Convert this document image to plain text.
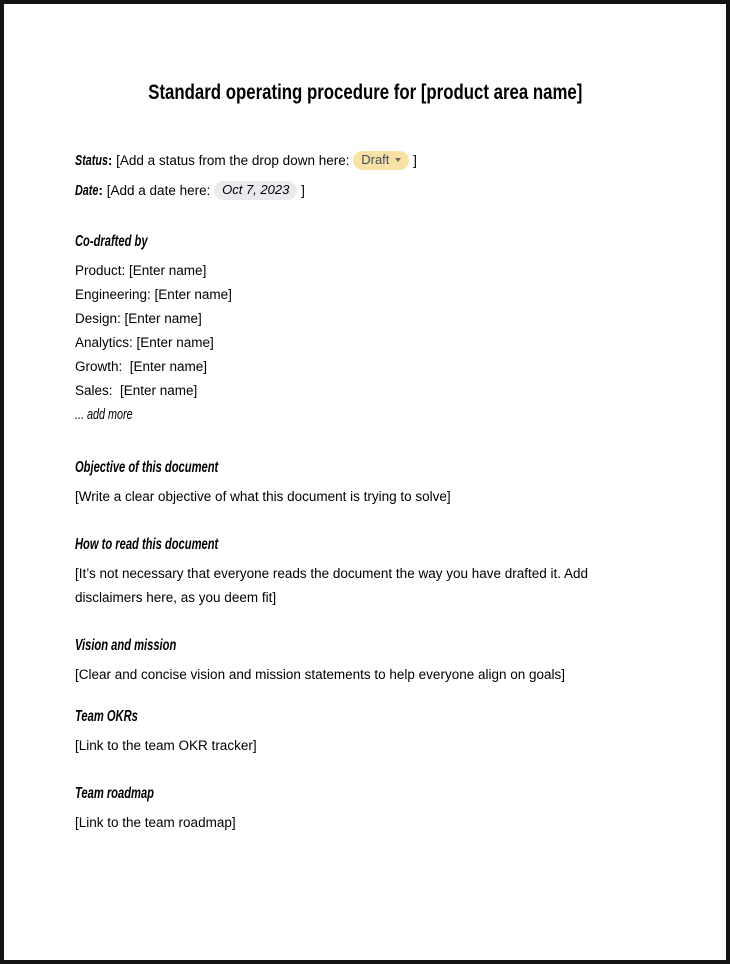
Standard operating procedure for [product area name]
Status: [Add a status from the drop down here: Draft ]
Date: [Add a date here: Oct 7, 2023 ]
Co-drafted by
Product: [Enter name]
Engineering: [Enter name]
Design: [Enter name]
Analytics: [Enter name]
Growth:  [Enter name]
Sales:  [Enter name]
... add more
Objective of this document

[Write a clear objective of what this document is trying to solve]

How to read this document

[It’s not necessary that everyone reads the document the way you have drafted it. Add disclaimers here, as you deem fit]

Vision and mission

[Clear and concise vision and mission statements to help everyone align on goals]

Team OKRs

[Link to the team OKR tracker]

Team roadmap

[Link to the team roadmap]
